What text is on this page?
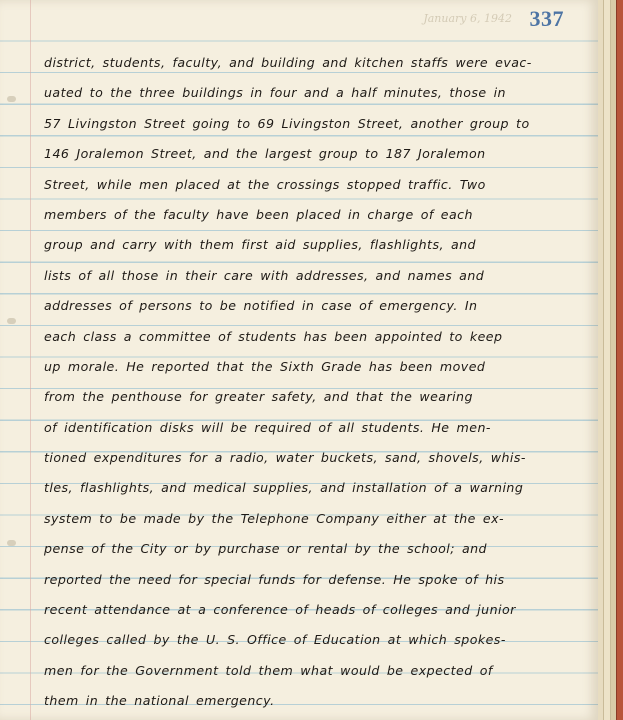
January 6, 1942 337
district, students, faculty, and building and kitchen staffs were evac-
uated to the three buildings in four and a half minutes, those in
57 Livingston Street going to 69 Livingston Street, another group to
146 Joralemon Street, and the largest group to 187 Joralemon
Street, while men placed at the crossings stopped traffic. Two
members of the faculty have been placed in charge of each
group and carry with them first aid supplies, flashlights, and
lists of all those in their care with addresses, and names and
addresses of persons to be notified in case of emergency. In
each class a committee of students has been appointed to keep
up morale. He reported that the Sixth Grade has been moved
from the penthouse for greater safety, and that the wearing
of identification disks will be required of all students. He men-
tioned expenditures for a radio, water buckets, sand, shovels, whis-
tles, flashlights, and medical supplies, and installation of a warning
system to be made by the Telephone Company either at the ex-
pense of the City or by purchase or rental by the school; and
reported the need for special funds for defense. He spoke of his
recent attendance at a conference of heads of colleges and junior
colleges called by the U. S. Office of Education at which spokes-
men for the Government told them what would be expected of
them in the national emergency.
